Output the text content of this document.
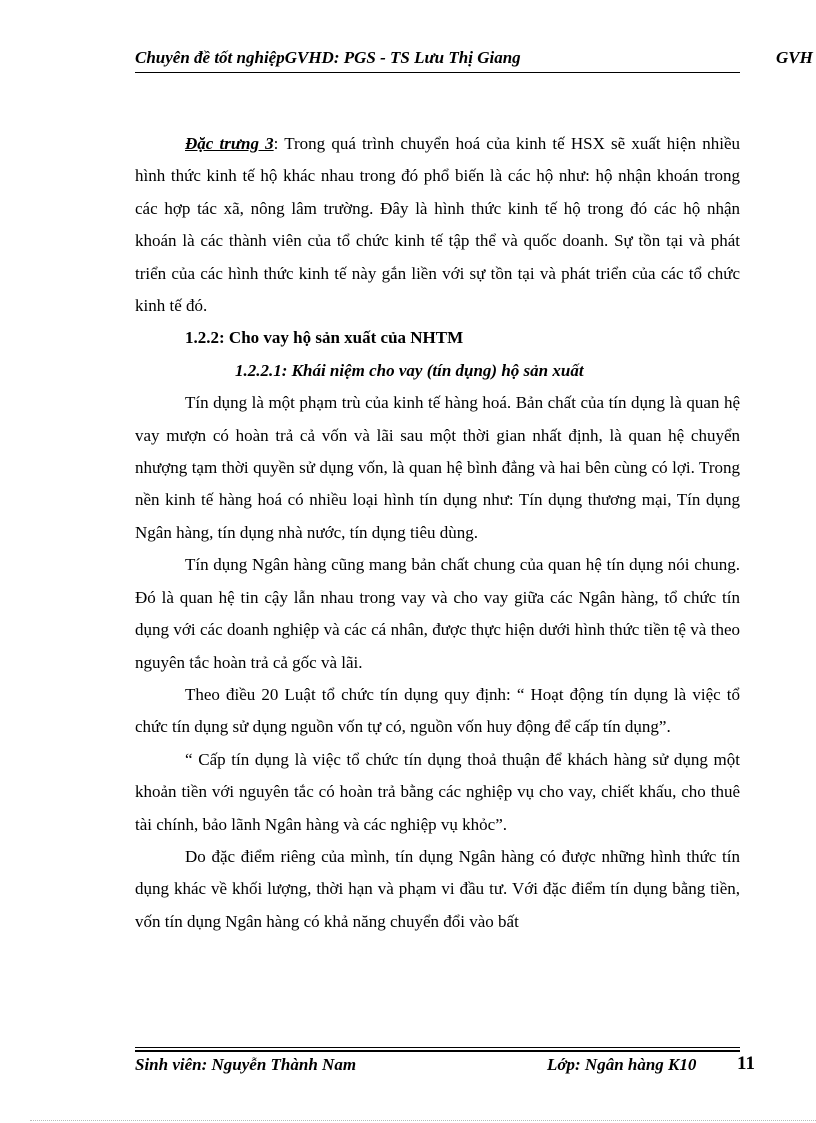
Chuyên đề tốt nghiệpGVHD: PGS - TS Lưu Thị Giang	GVH

Đặc trưng 3: Trong quá trình chuyển hoá của kinh tế HSX sẽ xuất hiện nhiều hình thức kinh tế hộ khác nhau trong đó phổ biến là các hộ như: hộ nhận khoán trong các hợp tác xã, nông lâm trường. Đây là hình thức kinh tế hộ trong đó các hộ nhận khoán là các thành viên của tổ chức kinh tế tập thể và quốc doanh. Sự tồn tại và phát triển của các hình thức kinh tế này gắn liền với sự tồn tại và phát triển của các tổ chức kinh tế đó.

1.2.2: Cho vay hộ sản xuất của NHTM

1.2.2.1: Khái niệm cho vay (tín dụng) hộ sản xuất

Tín dụng là một phạm trù của kinh tế hàng hoá. Bản chất của tín dụng là quan hệ vay mượn có hoàn trả cả vốn và lãi sau một thời gian nhất định, là quan hệ chuyển nhượng tạm thời quyền sử dụng vốn, là quan hệ bình đẳng và hai bên cùng có lợi. Trong nền kinh tế hàng hoá có nhiều loại hình tín dụng như: Tín dụng thương mại, Tín dụng Ngân hàng, tín dụng nhà nước, tín dụng tiêu dùng.

Tín dụng Ngân hàng cũng mang bản chất chung của quan hệ tín dụng nói chung. Đó là quan hệ tin cậy lẫn nhau trong vay và cho vay giữa các Ngân hàng, tổ chức tín dụng với các doanh nghiệp và các cá nhân, được thực hiện dưới hình thức tiền tệ và theo nguyên tắc hoàn trả cả gốc và lãi.

Theo điều 20 Luật tổ chức tín dụng quy định: “ Hoạt động tín dụng là việc tổ chức tín dụng sử dụng nguồn vốn tự có, nguồn vốn huy động để cấp tín dụng”.

“ Cấp tín dụng là việc tổ chức tín dụng thoả thuận để khách hàng sử dụng một khoản tiền với nguyên tắc có hoàn trả bằng các nghiệp vụ cho vay, chiết khấu, cho thuê tài chính, bảo lãnh Ngân hàng và các nghiệp vụ khỏc”.

Do đặc điểm riêng của mình, tín dụng Ngân hàng có được những hình thức tín dụng khác về khối lượng, thời hạn và phạm vi đầu tư. Với đặc điểm tín dụng bằng tiền, vốn tín dụng Ngân hàng có khả năng chuyển đổi vào bất

Sinh viên: Nguyễn Thành Nam	Lớp: Ngân hàng K10 11
